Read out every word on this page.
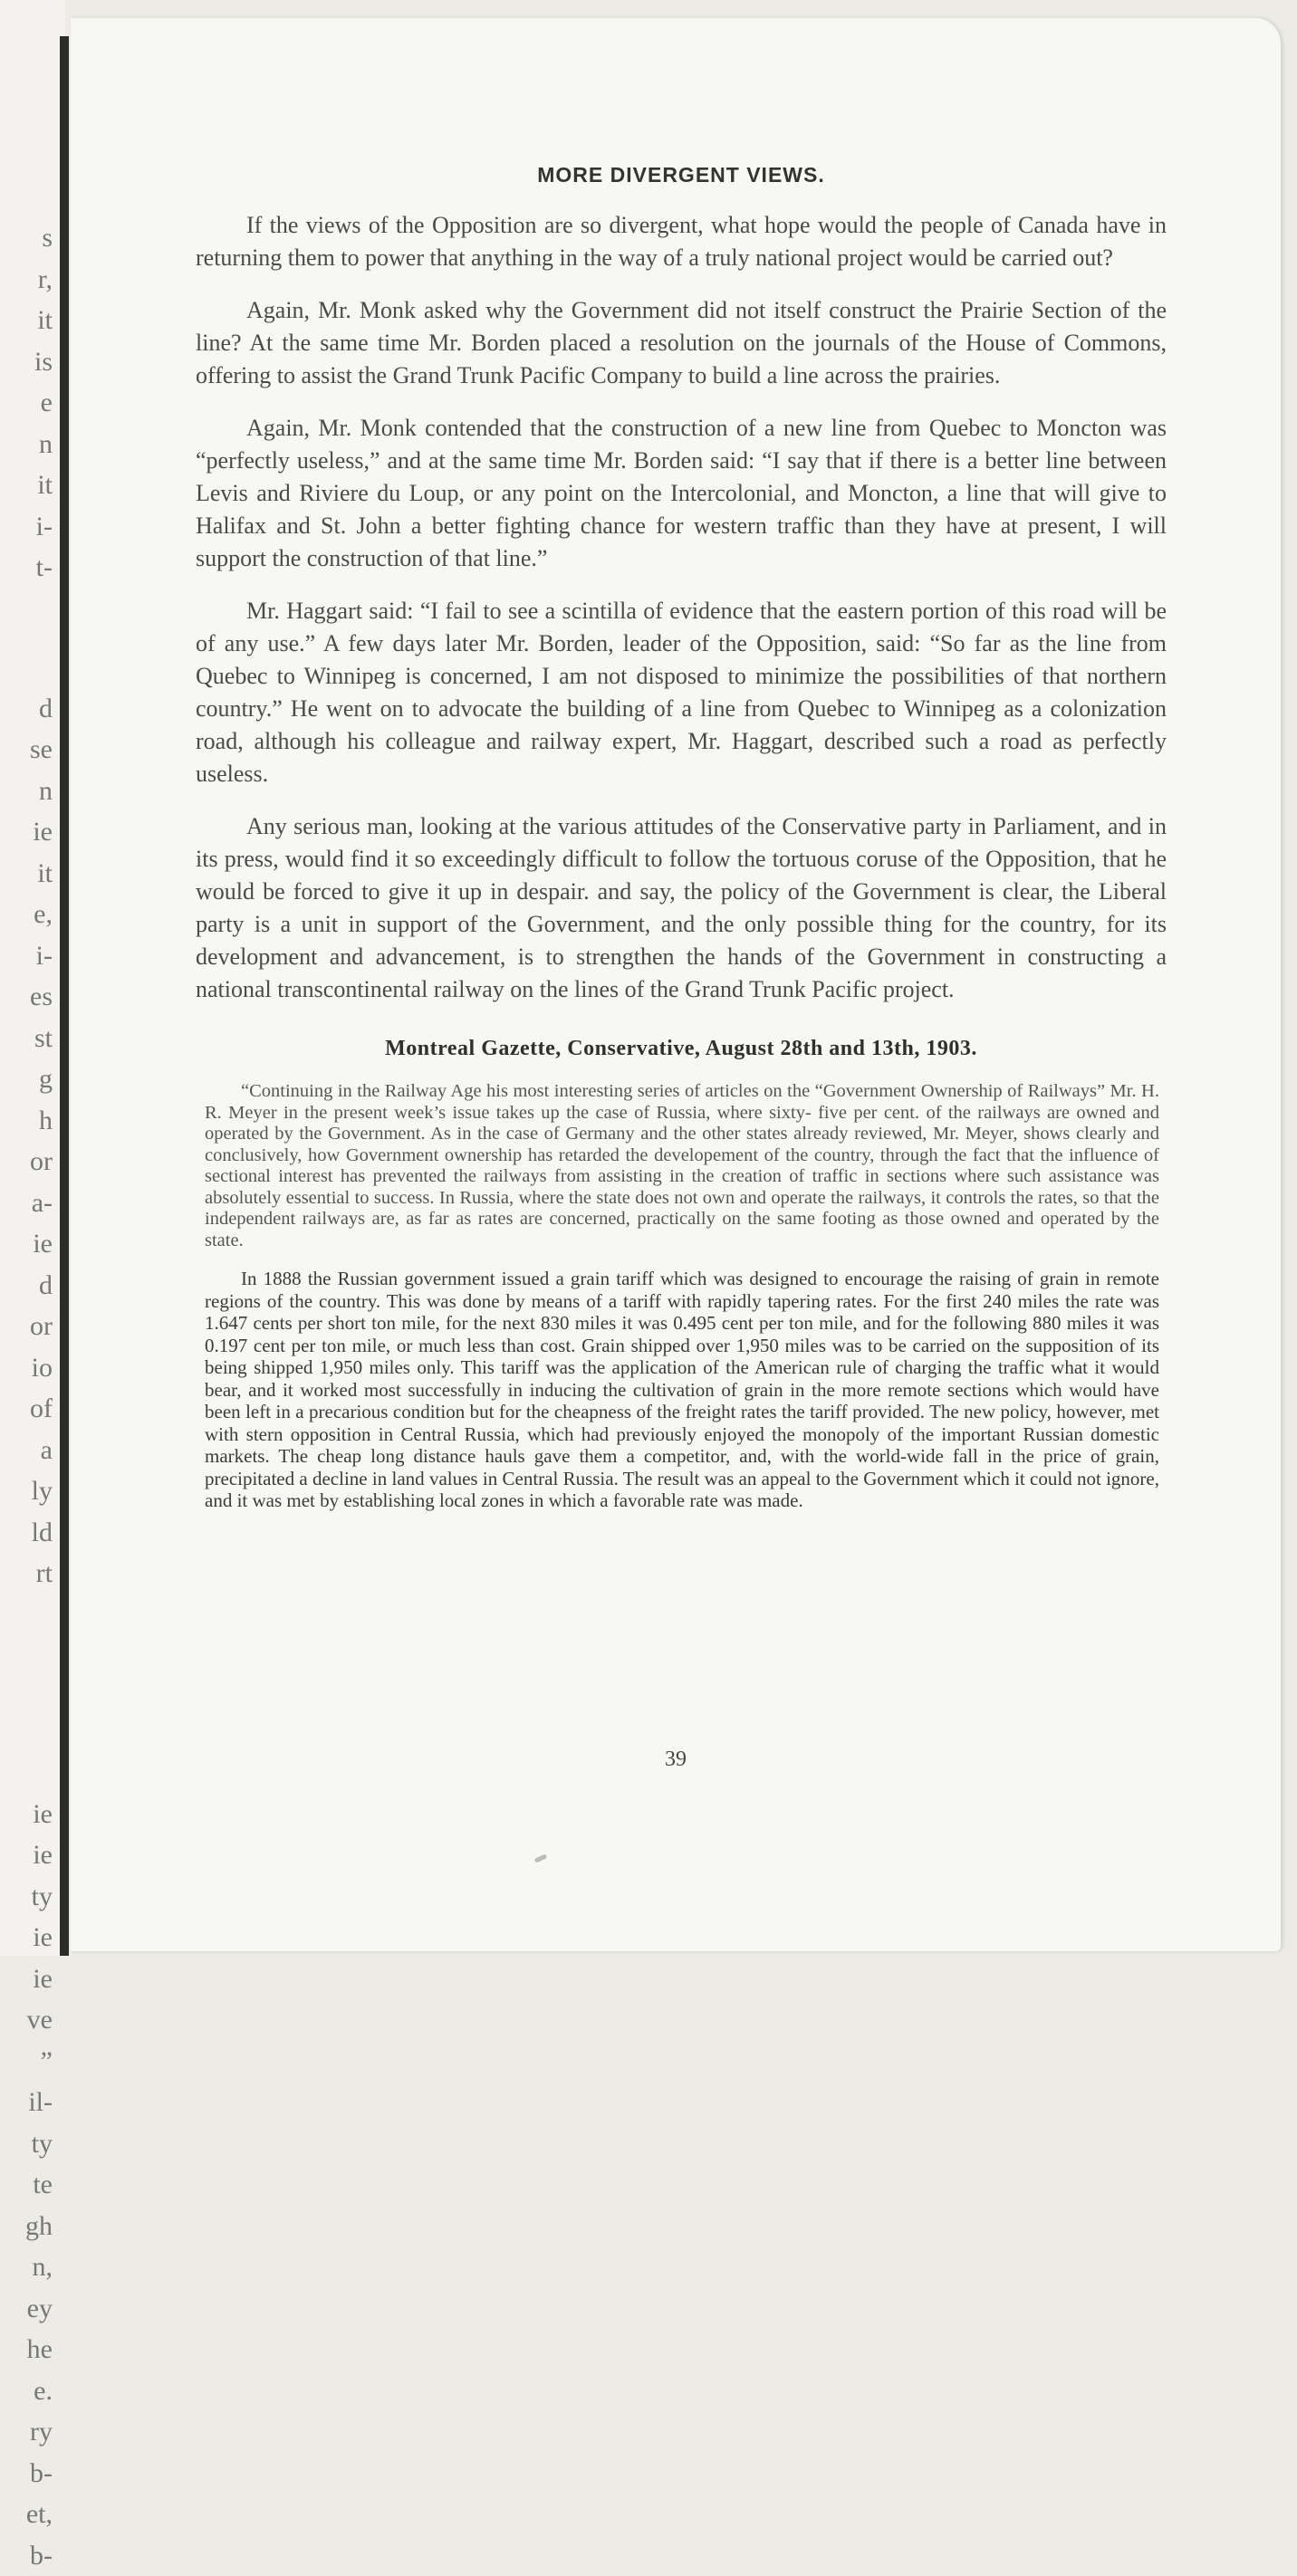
s
r,
it
is
e
n
it
i-
t-
d
se
n
ie
it
e,
i-
es
st
g
h
or
a-
ie
d
or
io
of
a
ly
ld
rt
ie
ie
ty
ie
ie
ve
”
il-
ty
te
gh
n,
ey
he
e.
ry
b-
et,
b-
MORE DIVERGENT VIEWS.

If the views of the Opposition are so divergent, what hope would the people of Canada have in returning them to power that anything in the way of a truly national project would be carried out?

Again, Mr. Monk asked why the Government did not itself construct the Prairie Section of the line? At the same time Mr. Borden placed a resolution on the journals of the House of Commons, offering to assist the Grand Trunk Pacific Company to build a line across the prairies.

Again, Mr. Monk contended that the construction of a new line from Quebec to Moncton was “perfectly useless,” and at the same time Mr. Borden said: “I say that if there is a better line between Levis and Riviere du Loup, or any point on the Intercolonial, and Moncton, a line that will give to Halifax and St. John a better fighting chance for western traffic than they have at present, I will support the construction of that line.”

Mr. Haggart said: “I fail to see a scintilla of evidence that the eastern portion of this road will be of any use.” A few days later Mr. Borden, leader of the Opposition, said: “So far as the line from Quebec to Winnipeg is concerned, I am not disposed to minimize the possibilities of that northern country.” He went on to advocate the building of a line from Quebec to Winnipeg as a colonization road, although his colleague and railway expert, Mr. Haggart, described such a road as perfectly useless.

Any serious man, looking at the various attitudes of the Conservative party in Parliament, and in its press, would find it so exceedingly difficult to follow the tortuous coruse of the Opposition, that he would be forced to give it up in despair. and say, the policy of the Government is clear, the Liberal party is a unit in support of the Government, and the only possible thing for the country, for its development and advancement, is to strengthen the hands of the Government in constructing a national transcontinental railway on the lines of the Grand Trunk Pacific project.

Montreal Gazette, Conservative, August 28th and 13th, 1903.

“Continuing in the Railway Age his most interesting series of articles on the “Government Ownership of Railways” Mr. H. R. Meyer in the present week’s issue takes up the case of Russia, where sixty- five per cent. of the railways are owned and operated by the Government. As in the case of Germany and the other states already reviewed, Mr. Meyer, shows clearly and conclusively, how Government ownership has retarded the developement of the country, through the fact that the influence of sectional interest has prevented the railways from assisting in the creation of traffic in sections where such assistance was absolutely essential to success. In Russia, where the state does not own and operate the railways, it controls the rates, so that the independent railways are, as far as rates are concerned, practically on the same footing as those owned and operated by the state.

In 1888 the Russian government issued a grain tariff which was designed to encourage the raising of grain in remote regions of the country. This was done by means of a tariff with rapidly tapering rates. For the first 240 miles the rate was 1.647 cents per short ton mile, for the next 830 miles it was 0.495 cent per ton mile, and for the following 880 miles it was 0.197 cent per ton mile, or much less than cost. Grain shipped over 1,950 miles was to be carried on the supposition of its being shipped 1,950 miles only. This tariff was the application of the American rule of charging the traffic what it would bear, and it worked most successfully in inducing the cultivation of grain in the more remote sections which would have been left in a precarious condition but for the cheapness of the freight rates the tariff provided. The new policy, however, met with stern opposition in Central Russia, which had previously enjoyed the monopoly of the important Russian domestic markets. The cheap long distance hauls gave them a competitor, and, with the world-wide fall in the price of grain, precipitated a decline in land values in Central Russia. The result was an appeal to the Government which it could not ignore, and it was met by establishing local zones in which a favorable rate was made.

39
